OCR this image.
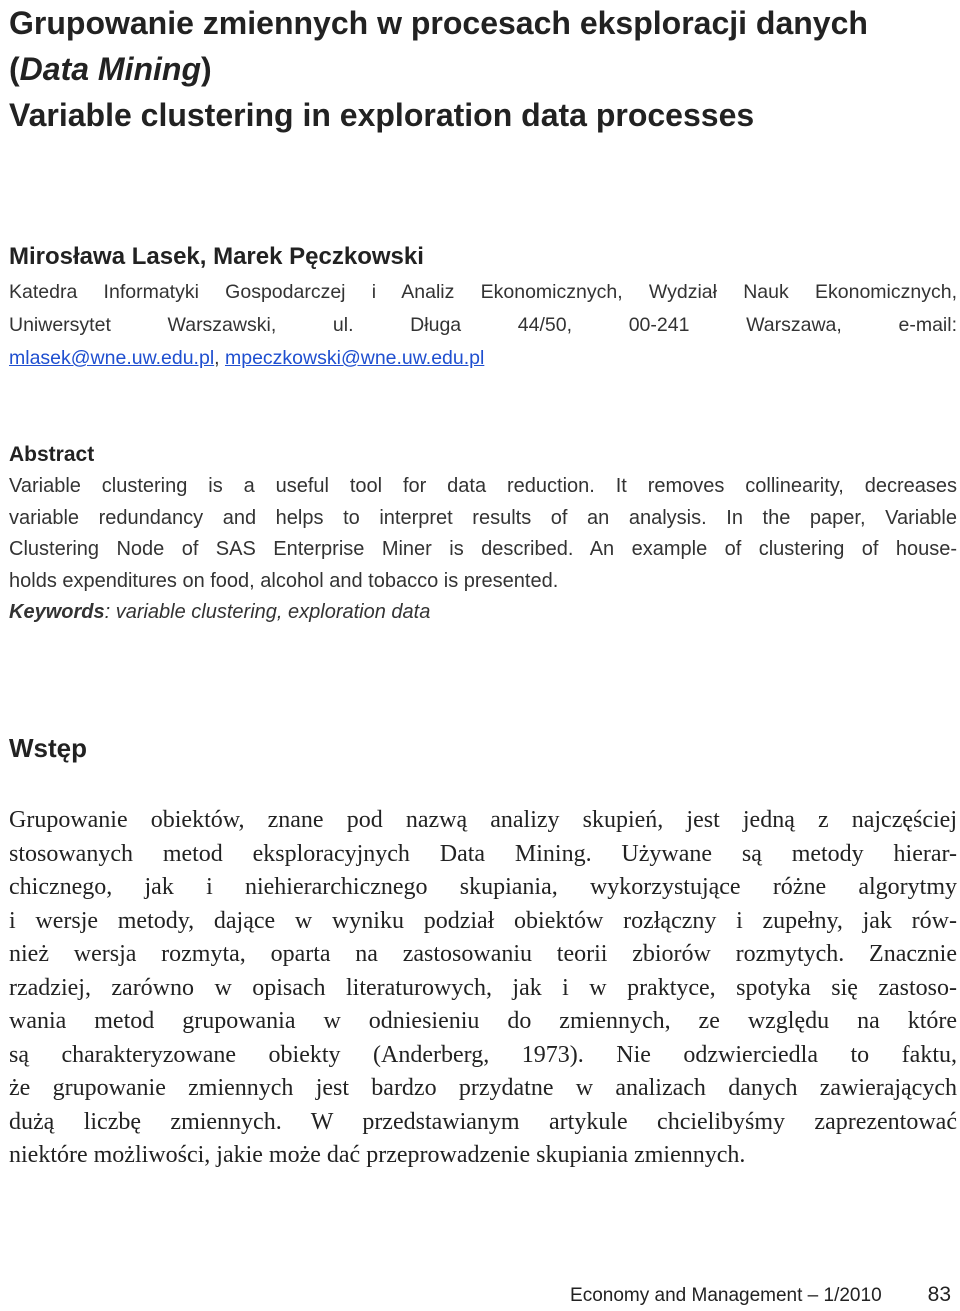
Grupowanie zmiennych w procesach eksploracji danych
(Data Mining)
Variable clustering in exploration data processes
Mirosława Lasek, Marek Pęczkowski
Katedra Informatyki Gospodarczej i Analiz Ekonomicznych, Wydział Nauk Ekonomicznych,
Uniwersytet Warszawski, ul. Długa 44/50, 00-241 Warszawa, e-mail:
mlasek@wne.uw.edu.pl, mpeczkowski@wne.uw.edu.pl
Abstract
Variable clustering is a useful tool for data reduction. It removes collinearity, decreases
variable redundancy and helps to interpret results of an analysis. In the paper, Variable
Clustering Node of SAS Enterprise Miner is described. An example of clustering of house-
holds expenditures on food, alcohol and tobacco is presented.
Keywords: variable clustering, exploration data
Wstęp
Grupowanie obiektów, znane pod nazwą analizy skupień, jest jedną z najczęściej
stosowanych metod eksploracyjnych Data Mining. Używane są metody hierar-
chicznego, jak i niehierarchicznego skupiania, wykorzystujące różne algorytmy
i wersje metody, dające w wyniku podział obiektów rozłączny i zupełny, jak rów-
nież wersja rozmyta, oparta na zastosowaniu teorii zbiorów rozmytych. Znacznie
rzadziej, zarówno w opisach literaturowych, jak i w praktyce, spotyka się zastoso-
wania metod grupowania w odniesieniu do zmiennych, ze względu na które
są charakteryzowane obiekty (Anderberg, 1973). Nie odzwierciedla to faktu,
że grupowanie zmiennych jest bardzo przydatne w analizach danych zawierających
dużą liczbę zmiennych. W przedstawianym artykule chcielibyśmy zaprezentować
niektóre możliwości, jakie może dać przeprowadzenie skupiania zmiennych.
Economy and Management – 1/2010 83
